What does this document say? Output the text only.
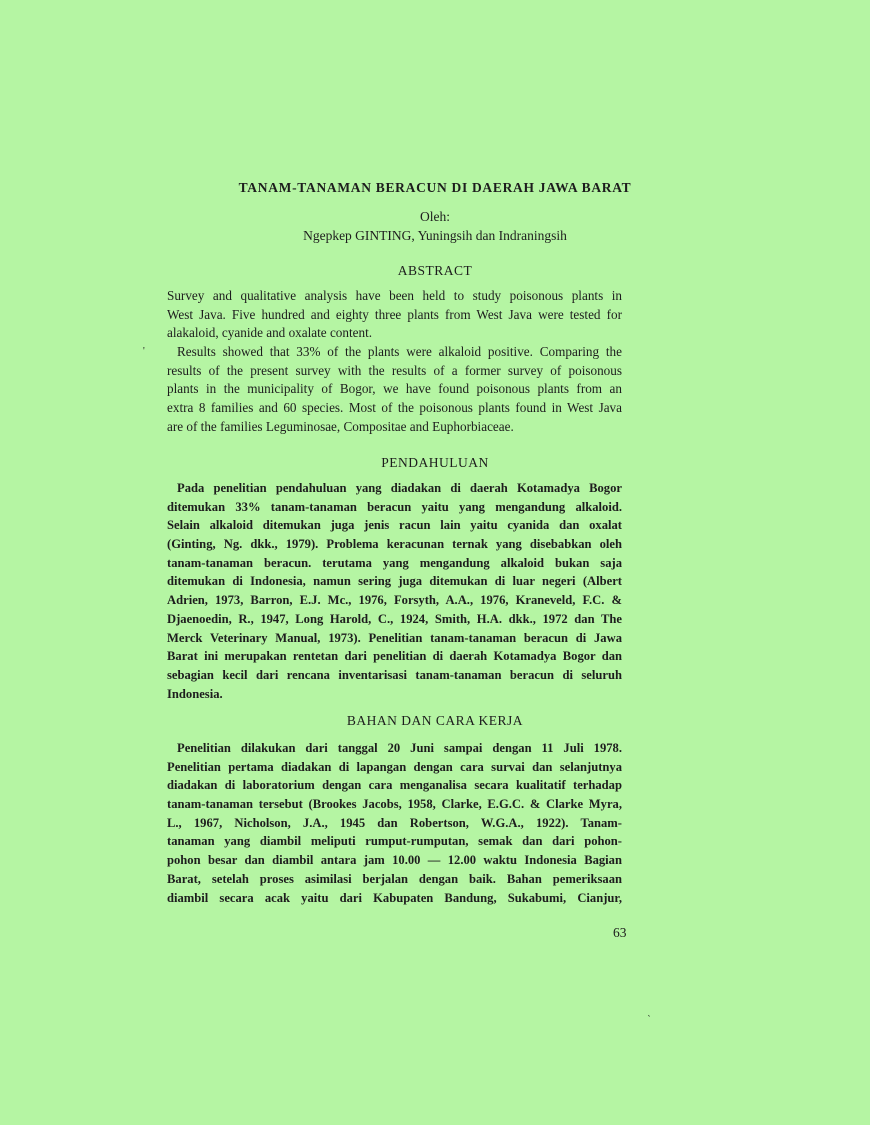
TANAM-TANAMAN BERACUN DI DAERAH JAWA BARAT
Oleh:
Ngepkep GINTING, Yuningsih dan Indraningsih
ABSTRACT
Survey and qualitative analysis have been held to study poisonous plants in
West Java. Five hundred and eighty three plants from West Java were tested for
alakaloid, cyanide and oxalate content.
'	Results showed that 33% of the plants were alkaloid positive. Comparing the
results of the present survey with the results of a former survey of poisonous
plants in the municipality of Bogor, we have found poisonous plants from an
extra 8 families and 60 species. Most of the poisonous plants found in West Java
are of the families Leguminosae, Compositae and Euphorbiaceae.
PENDAHULUAN
Pada penelitian pendahuluan yang diadakan di daerah Kotamadya Bogor
ditemukan 33% tanam-tanaman beracun yaitu yang mengandung alkaloid.
Selain alkaloid ditemukan juga jenis racun lain yaitu cyanida dan oxalat
(Ginting, Ng. dkk., 1979). Problema keracunan ternak yang disebabkan oleh
tanam-tanaman beracun. terutama yang mengandung alkaloid bukan saja
ditemukan di Indonesia, namun sering juga ditemukan di luar negeri (Albert
Adrien, 1973, Barron, E.J. Mc., 1976, Forsyth, A.A., 1976, Kraneveld, F.C. &
Djaenoedin, R., 1947, Long Harold, C., 1924, Smith, H.A. dkk., 1972 dan The
Merck Veterinary Manual, 1973). Penelitian tanam-tanaman beracun di Jawa
Barat ini merupakan rentetan dari penelitian di daerah Kotamadya Bogor dan
sebagian kecil dari rencana inventarisasi tanam-tanaman beracun di seluruh
Indonesia.
BAHAN DAN CARA KERJA
Penelitian dilakukan dari tanggal 20 Juni sampai dengan 11 Juli 1978.
Penelitian pertama diadakan di lapangan dengan cara survai dan selanjutnya
diadakan di laboratorium dengan cara menganalisa secara kualitatif terhadap
tanam-tanaman tersebut (Brookes Jacobs, 1958, Clarke, E.G.C. & Clarke Myra,
L., 1967, Nicholson, J.A., 1945 dan Robertson, W.G.A., 1922). Tanam-
tanaman yang diambil meliputi rumput-rumputan, semak dan dari pohon-
pohon besar dan diambil antara jam 10.00 — 12.00 waktu Indonesia Bagian
Barat, setelah proses asimilasi berjalan dengan baik. Bahan pemeriksaan
diambil secara acak yaitu dari Kabupaten Bandung, Sukabumi, Cianjur,
63
`
